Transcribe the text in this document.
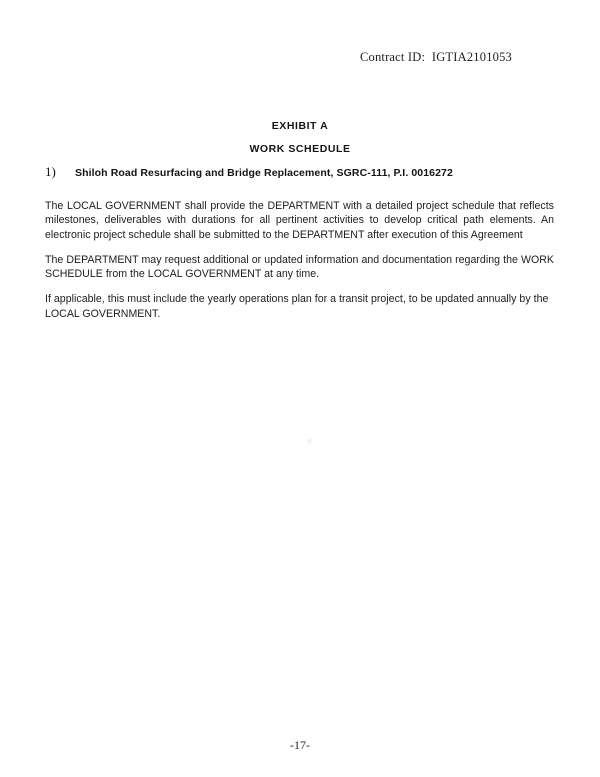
Contract ID:  IGTIA2101053
EXHIBIT A
WORK SCHEDULE
1) Shiloh Road Resurfacing and Bridge Replacement, SGRC-111, P.I. 0016272

The LOCAL GOVERNMENT shall provide the DEPARTMENT with a detailed project schedule that reflects milestones, deliverables with durations for all pertinent activities to develop critical path elements. An electronic project schedule shall be submitted to the DEPARTMENT after execution of this Agreement

The DEPARTMENT may request additional or updated information and documentation regarding the WORK SCHEDULE from the LOCAL GOVERNMENT at any time.

If applicable, this must include the yearly operations plan for a transit project, to be updated annually by the LOCAL GOVERNMENT.

-17-
